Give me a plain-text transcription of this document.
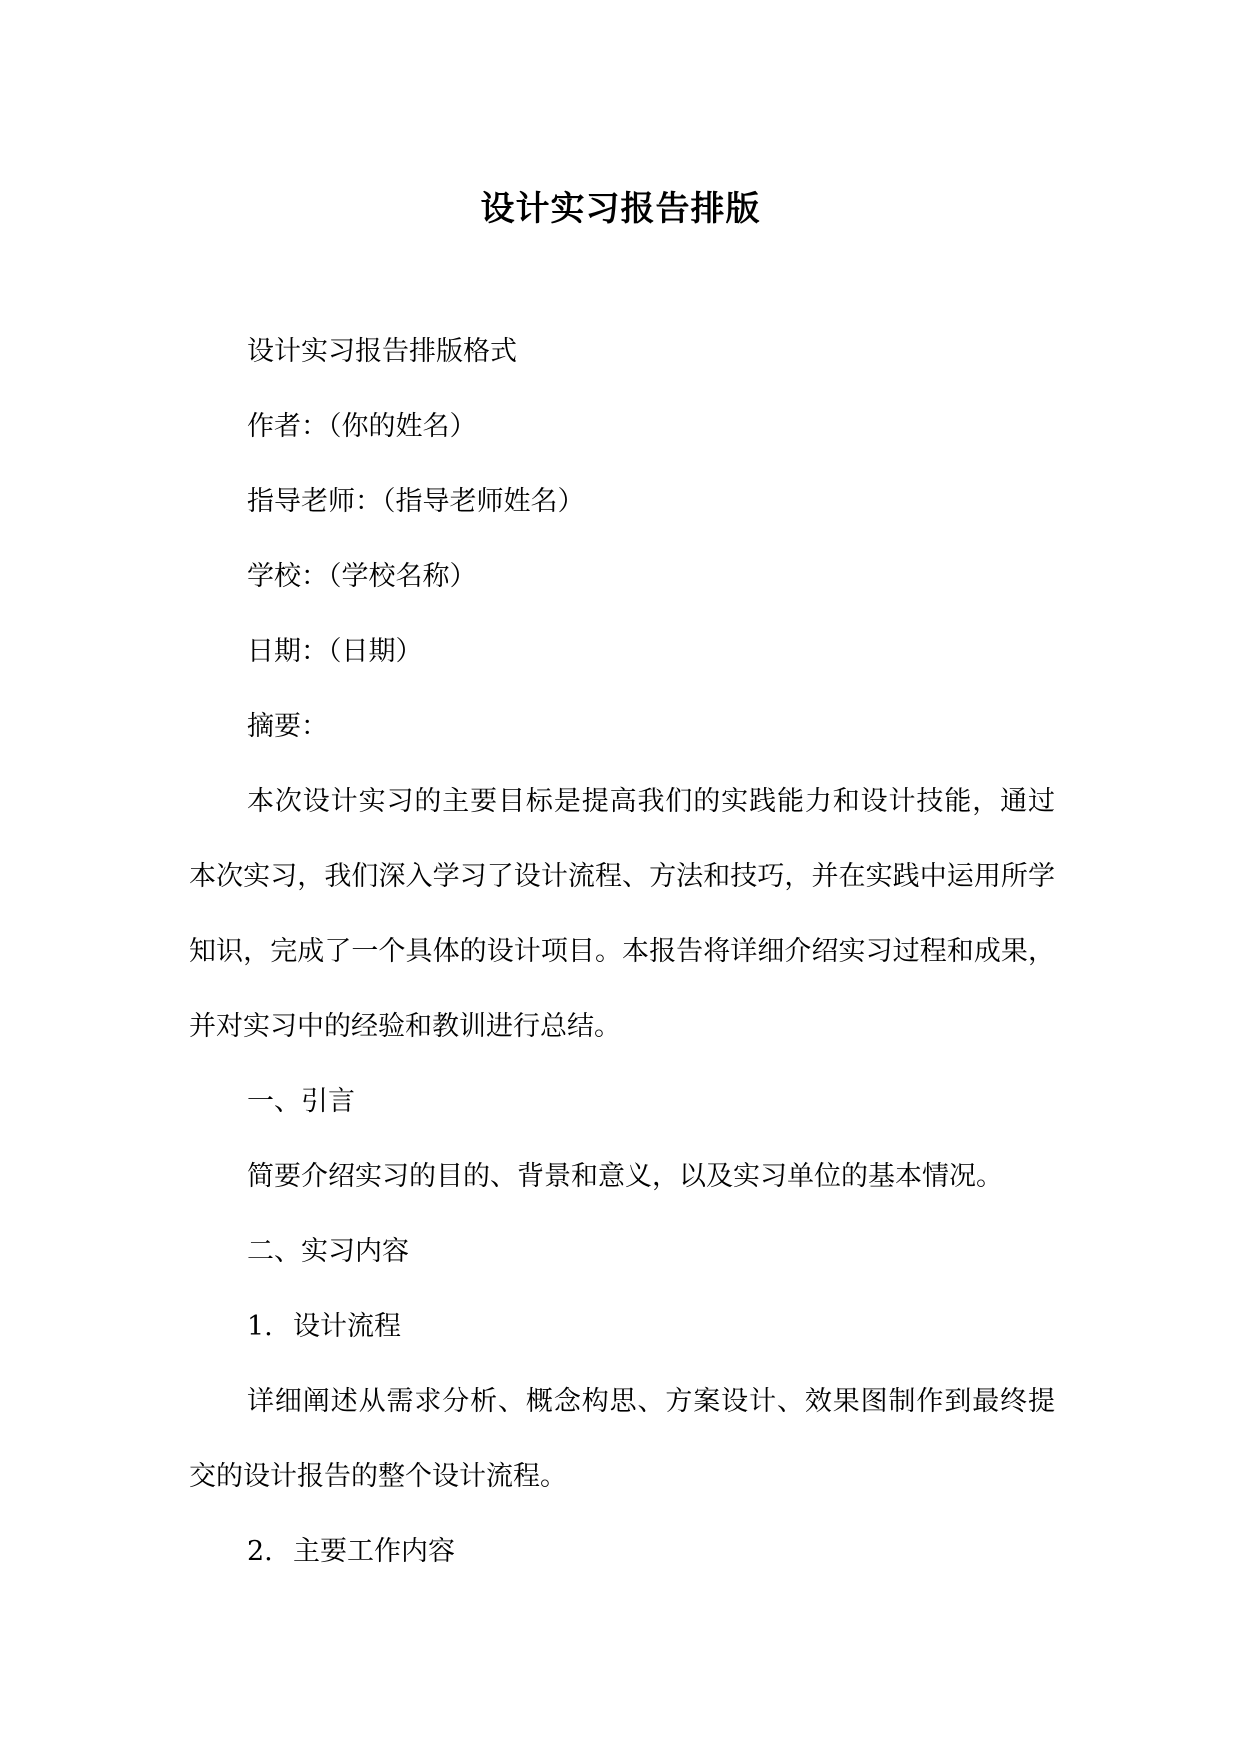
设计实习报告排版

设计实习报告排版格式

作者：（你的姓名）

指导老师：（指导老师姓名）

学校：（学校名称）

日期：（日期）

摘要：

本次设计实习的主要目标是提高我们的实践能力和设计技能，通过本次实习，我们深入学习了设计流程、方法和技巧，并在实践中运用所学知识，完成了一个具体的设计项目。本报告将详细介绍实习过程和成果，并对实习中的经验和教训进行总结。

一、引言

简要介绍实习的目的、背景和意义，以及实习单位的基本情况。

二、实习内容

1. 设计流程

详细阐述从需求分析、概念构思、方案设计、效果图制作到最终提交的设计报告的整个设计流程。

2. 主要工作内容
